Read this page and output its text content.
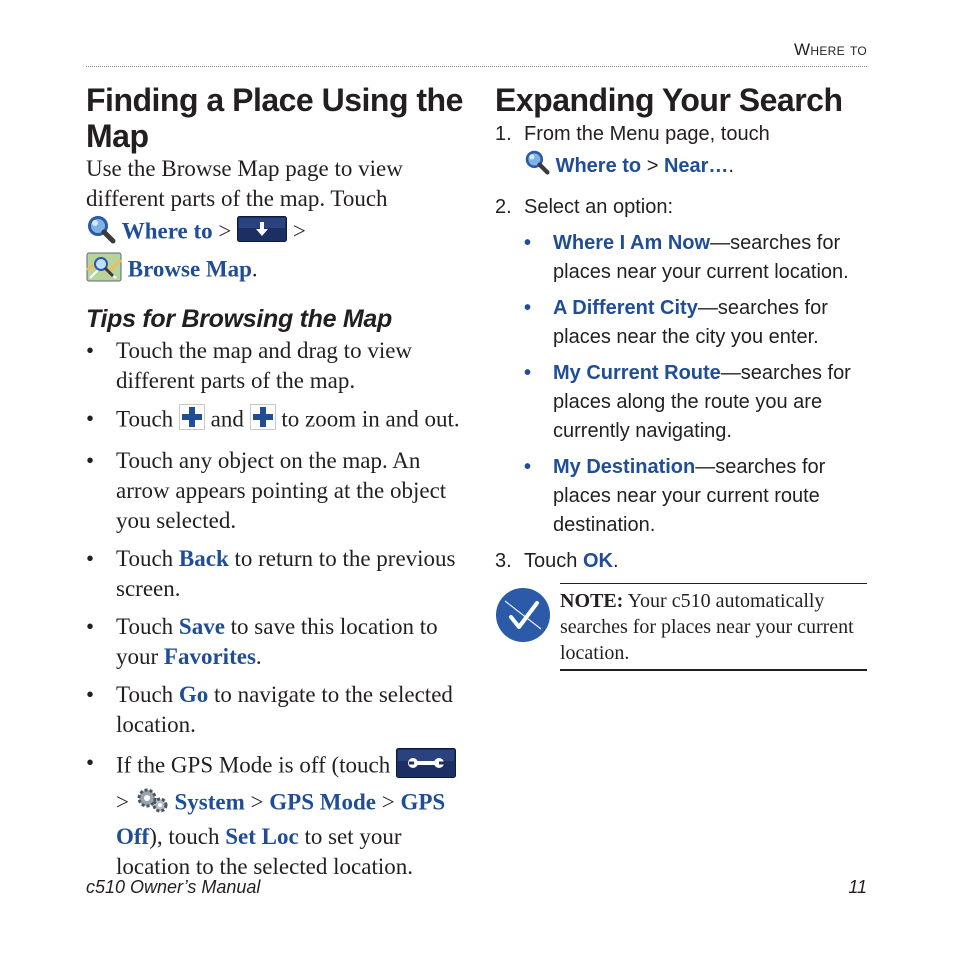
Where to
Finding a Place Using the Map

Use the Browse Map page to view different parts of the map. Touch
Where to >	>
Browse Map.

Tips for Browsing the Map
• Touch the map and drag to view different parts of the map.
• Touch and to zoom in and out.
• Touch any object on the map. An arrow appears pointing at the object you selected.
• Touch Back to return to the previous screen.
• Touch Save to save this location to your Favorites.
• Touch Go to navigate to the selected location.
• If the GPS Mode is off (touch  > System > GPS Mode > GPS Off), touch Set Loc to set your location to the selected location.
Expanding Your Search

1. From the Menu page, touch
Where to > Near….

2. Select an option:

• Where I Am Now—searches for places near your current location.
• A Different City—searches for places near the city you enter.
• My Current Route—searches for places along the route you are currently navigating.
• My Destination—searches for places near your current route destination.

3. Touch OK.

NOTE: Your c510 automatically searches for places near your current location.
c510 Owner’s Manual	11
